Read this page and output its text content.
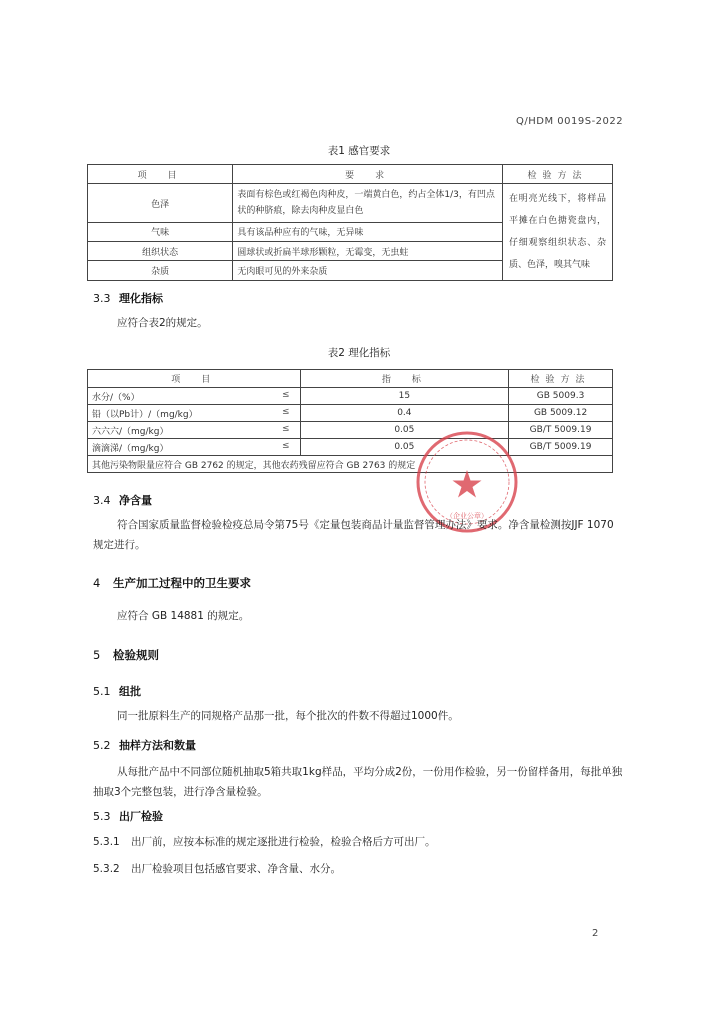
Q/HDM 0019S-2022
表1 感官要求
项　目	要　求	检验方法
色泽	表面有棕色或红褐色肉种皮，一端黄白色，约占全体1/3，有凹点状的种脐痕，除去肉种皮显白色	在明亮光线下，将样品平摊在白色搪瓷盘内，仔细观察组织状态、杂质、色泽，嗅其气味
气味	具有该品种应有的气味，无异味	
组织状态	圆球状或折扁半球形颗粒，无霉变，无虫蛀	
杂质	无肉眼可见的外来杂质	
3.3 理化指标
应符合表2的规定。
表2 理化指标
项　目	指　标	检验方法
水分/（%） ≤	15	GB 5009.3
铅（以Pb计）/（mg/kg） ≤	0.4	GB 5009.12
六六六/（mg/kg） ≤	0.05	GB/T 5009.19
滴滴涕/（mg/kg） ≤	0.05	GB/T 5009.19
其他污染物限量应符合 GB 2762 的规定，其他农药残留应符合 GB 2763 的规定		
（企业公章）
3.4 净含量
符合国家质量监督检验检疫总局令第75号《定量包装商品计量监督管理办法》要求。净含量检测按JJF 1070规定进行。
4 生产加工过程中的卫生要求
应符合 GB 14881 的规定。
5 检验规则
5.1 组批
同一批原料生产的同规格产品那一批，每个批次的件数不得超过1000件。
5.2 抽样方法和数量
从每批产品中不同部位随机抽取5箱共取1kg样品，平均分成2份，一份用作检验，另一份留样备用，每批单独抽取3个完整包装，进行净含量检验。
5.3 出厂检验
5.3.1 出厂前，应按本标准的规定逐批进行检验，检验合格后方可出厂。
5.3.2 出厂检验项目包括感官要求、净含量、水分。
2
